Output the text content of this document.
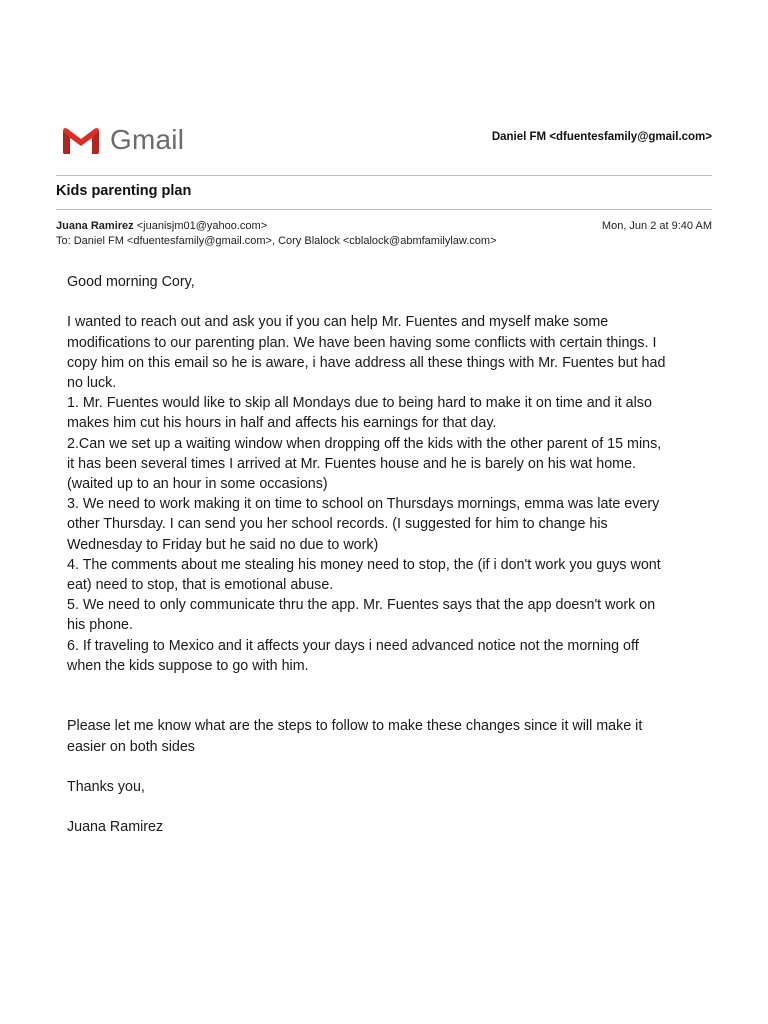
Gmail	Daniel FM <dfuentesfamily@gmail.com>
Kids parenting plan
Juana Ramirez <juanisjm01@yahoo.com>	Mon, Jun 2 at 9:40 AM
To: Daniel FM <dfuentesfamily@gmail.com>, Cory Blalock <cblalock@abmfamilylaw.com>

Good morning Cory,

I wanted to reach out and ask you if you can help Mr. Fuentes and myself make some
modifications to our parenting plan. We have been having some conflicts with certain things. I
copy him on this email so he is aware, i have address all these things with Mr. Fuentes but had
no luck.
1. Mr. Fuentes would like to skip all Mondays due to being hard to make it on time and it also
makes him cut his hours in half and affects his earnings for that day.
2.Can we set up a waiting window when dropping off the kids with the other parent of 15 mins,
it has been several times I arrived at Mr. Fuentes house and he is barely on his wat home.
(waited up to an hour in some occasions)
3. We need to work making it on time to school on Thursdays mornings, emma was late every
other Thursday. I can send you her school records. (I suggested for him to change his
Wednesday to Friday but he said no due to work)
4. The comments about me stealing his money need to stop, the (if i don't work you guys wont
eat) need to stop, that is emotional abuse.
5. We need to only communicate thru the app. Mr. Fuentes says that the app doesn't work on
his phone.
6. If traveling to Mexico and it affects your days i need advanced notice not the morning off
when the kids suppose to go with him.

Please let me know what are the steps to follow to make these changes since it will make it
easier on both sides

Thanks you,

Juana Ramirez
